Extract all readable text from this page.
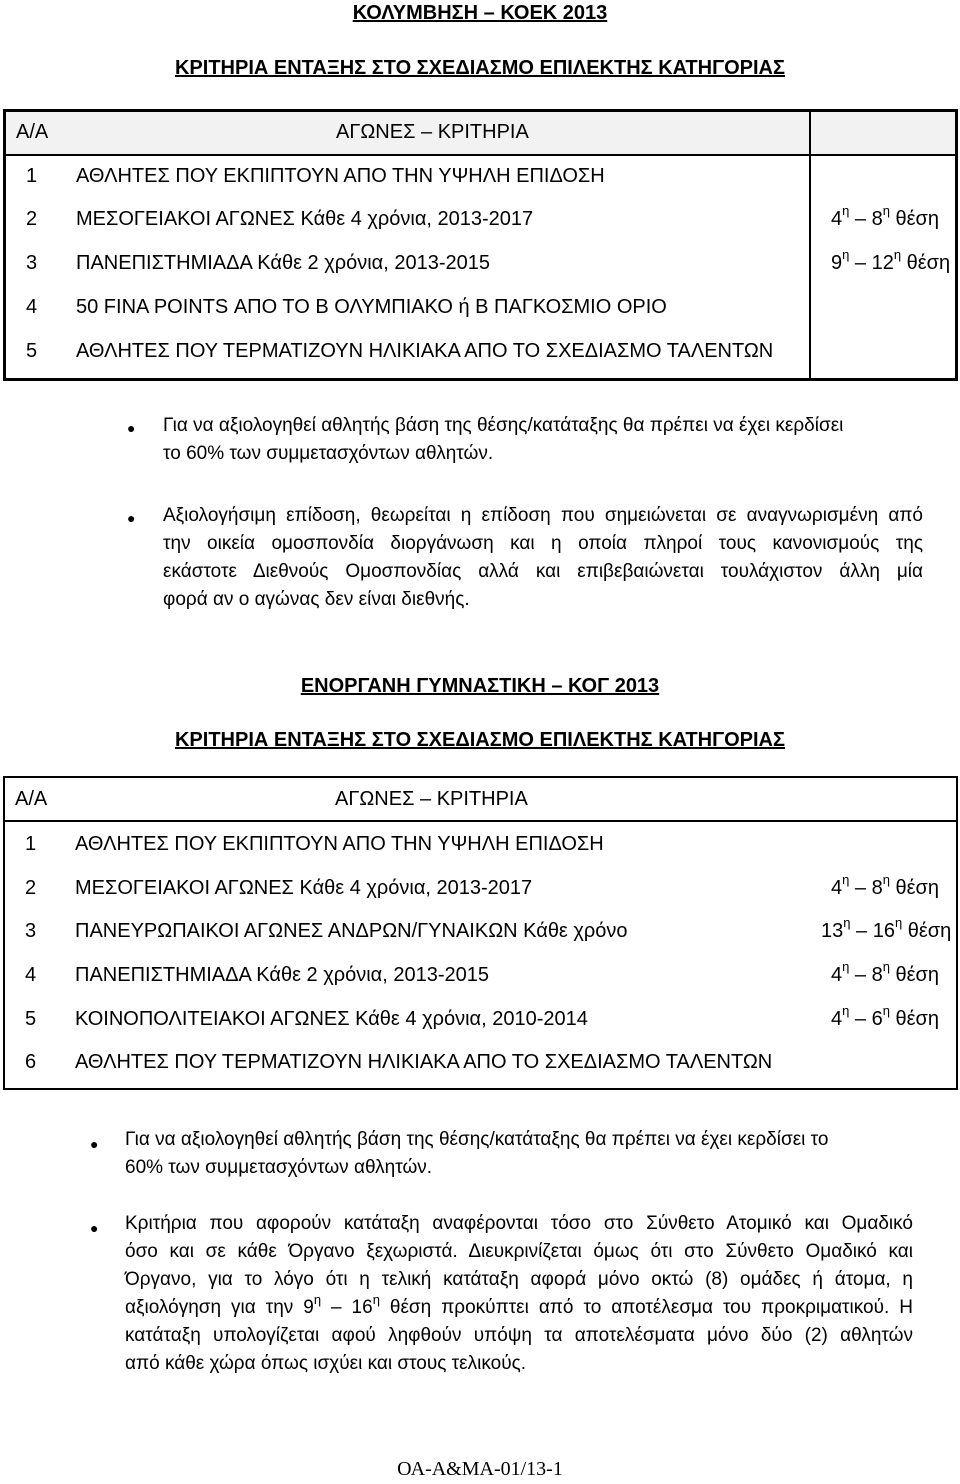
ΚΟΛΥΜΒΗΣΗ – ΚΟΕΚ 2013
ΚΡΙΤΗΡΙΑ ΕΝΤΑΞΗΣ ΣΤΟ ΣΧΕΔΙΑΣΜΟ ΕΠΙΛΕΚΤΗΣ ΚΑΤΗΓΟΡΙΑΣ
Α/Α	ΑΓΩΝΕΣ – ΚΡΙΤΗΡΙΑ
1 ΑΘΛΗΤΕΣ ΠΟΥ ΕΚΠΙΠΤΟΥΝ ΑΠΟ ΤΗΝ ΥΨΗΛΗ ΕΠΙΔΟΣΗ
2 ΜΕΣΟΓΕΙΑΚΟΙ ΑΓΩΝΕΣ Κάθε 4 χρόνια, 2013-2017	$4^\eta - 8^\eta$ θέση
3 ΠΑΝΕΠΙΣΤΗΜΙΑΔΑ Κάθε 2 χρόνια, 2013-2015	$9^\eta - 12^\eta$ θέση
4 50 FINA POINTS ΑΠΟ ΤΟ Β ΟΛΥΜΠΙΑΚΟ ή Β ΠΑΓΚΟΣΜΙΟ ΟΡΙΟ
5 ΑΘΛΗΤΕΣ ΠΟΥ ΤΕΡΜΑΤΙΖΟΥΝ ΗΛΙΚΙΑΚΑ ΑΠΟ ΤΟ ΣΧΕΔΙΑΣΜΟ ΤΑΛΕΝΤΩΝ
● Για να αξιολογηθεί αθλητής βάση της θέσης/κατάταξης θα πρέπει να έχει κερδίσει
το 60% των συμμετασχόντων αθλητών.
● Αξιολογήσιμη επίδοση, θεωρείται η επίδοση που σημειώνεται σε αναγνωρισμένη από
την οικεία ομοσπονδία διοργάνωση και η οποία πληροί τους κανονισμούς της
εκάστοτε Διεθνούς Ομοσπονδίας αλλά και επιβεβαιώνεται τουλάχιστον άλλη μία
φορά αν ο αγώνας δεν είναι διεθνής.
ΕΝΟΡΓΑΝΗ ΓΥΜΝΑΣΤΙΚΗ – ΚΟΓ 2013
ΚΡΙΤΗΡΙΑ ΕΝΤΑΞΗΣ ΣΤΟ ΣΧΕΔΙΑΣΜΟ ΕΠΙΛΕΚΤΗΣ ΚΑΤΗΓΟΡΙΑΣ
Α/Α	ΑΓΩΝΕΣ – ΚΡΙΤΗΡΙΑ
1 ΑΘΛΗΤΕΣ ΠΟΥ ΕΚΠΙΠΤΟΥΝ ΑΠΟ ΤΗΝ ΥΨΗΛΗ ΕΠΙΔΟΣΗ
2 ΜΕΣΟΓΕΙΑΚΟΙ ΑΓΩΝΕΣ Κάθε 4 χρόνια, 2013-2017	$4^\eta - 8^\eta$ θέση
3 ΠΑΝΕΥΡΩΠΑΙΚΟΙ ΑΓΩΝΕΣ ΑΝΔΡΩΝ/ΓΥΝΑΙΚΩΝ Κάθε χρόνο	$13^\eta - 16^\eta$ θέση
4 ΠΑΝΕΠΙΣΤΗΜΙΑΔΑ Κάθε 2 χρόνια, 2013-2015	$4^\eta - 8^\eta$ θέση
5 ΚΟΙΝΟΠΟΛΙΤΕΙΑΚΟΙ ΑΓΩΝΕΣ Κάθε 4 χρόνια, 2010-2014	$4^\eta - 6^\eta$ θέση
6 ΑΘΛΗΤΕΣ ΠΟΥ ΤΕΡΜΑΤΙΖΟΥΝ ΗΛΙΚΙΑΚΑ ΑΠΟ ΤΟ ΣΧΕΔΙΑΣΜΟ ΤΑΛΕΝΤΩΝ
● Για να αξιολογηθεί αθλητής βάση της θέσης/κατάταξης θα πρέπει να έχει κερδίσει το
60% των συμμετασχόντων αθλητών.
● Κριτήρια που αφορούν κατάταξη αναφέρονται τόσο στο Σύνθετο Ατομικό και Ομαδικό
όσο και σε κάθε Όργανο ξεχωριστά. Διευκρινίζεται όμως ότι στο Σύνθετο Ομαδικό και
Όργανο, για το λόγο ότι η τελική κατάταξη αφορά μόνο οκτώ (8) ομάδες ή άτομα, η
αξιολόγηση για την $9^\eta - 16^\eta$ θέση προκύπτει από το αποτέλεσμα του προκριματικού. Η
κατάταξη υπολογίζεται αφού ληφθούν υπόψη τα αποτελέσματα μόνο δύο (2) αθλητών
από κάθε χώρα όπως ισχύει και στους τελικούς.
ΟΑ-Α&ΜΑ-01/13-1
